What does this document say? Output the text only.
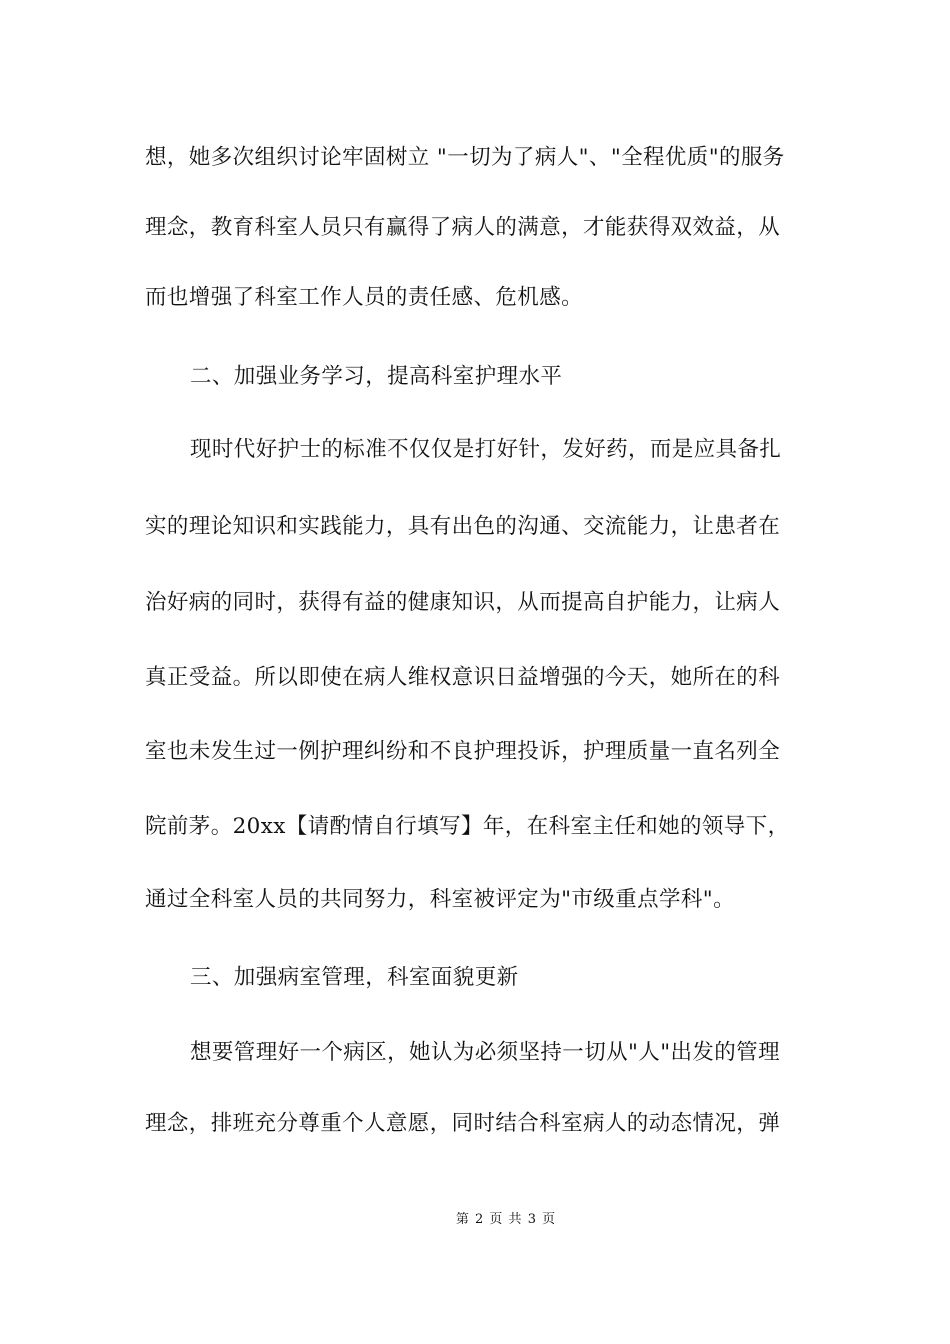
想，她多次组织讨论牢固树立 "一切为了病人"、"全程优质"的服务
理念，教育科室人员只有赢得了病人的满意，才能获得双效益，从
而也增强了科室工作人员的责任感、危机感。
二、加强业务学习，提高科室护理水平
现时代好护士的标准不仅仅是打好针，发好药，而是应具备扎
实的理论知识和实践能力，具有出色的沟通、交流能力，让患者在
治好病的同时，获得有益的健康知识，从而提高自护能力，让病人
真正受益。所以即使在病人维权意识日益增强的今天，她所在的科
室也未发生过一例护理纠纷和不良护理投诉，护理质量一直名列全
院前茅。20xx【请酌情自行填写】年，在科室主任和她的领导下，
通过全科室人员的共同努力，科室被评定为"市级重点学科"。
三、加强病室管理，科室面貌更新
想要管理好一个病区，她认为必须坚持一切从"人"出发的管理
理念，排班充分尊重个人意愿，同时结合科室病人的动态情况，弹
第 2 页 共 3 页
